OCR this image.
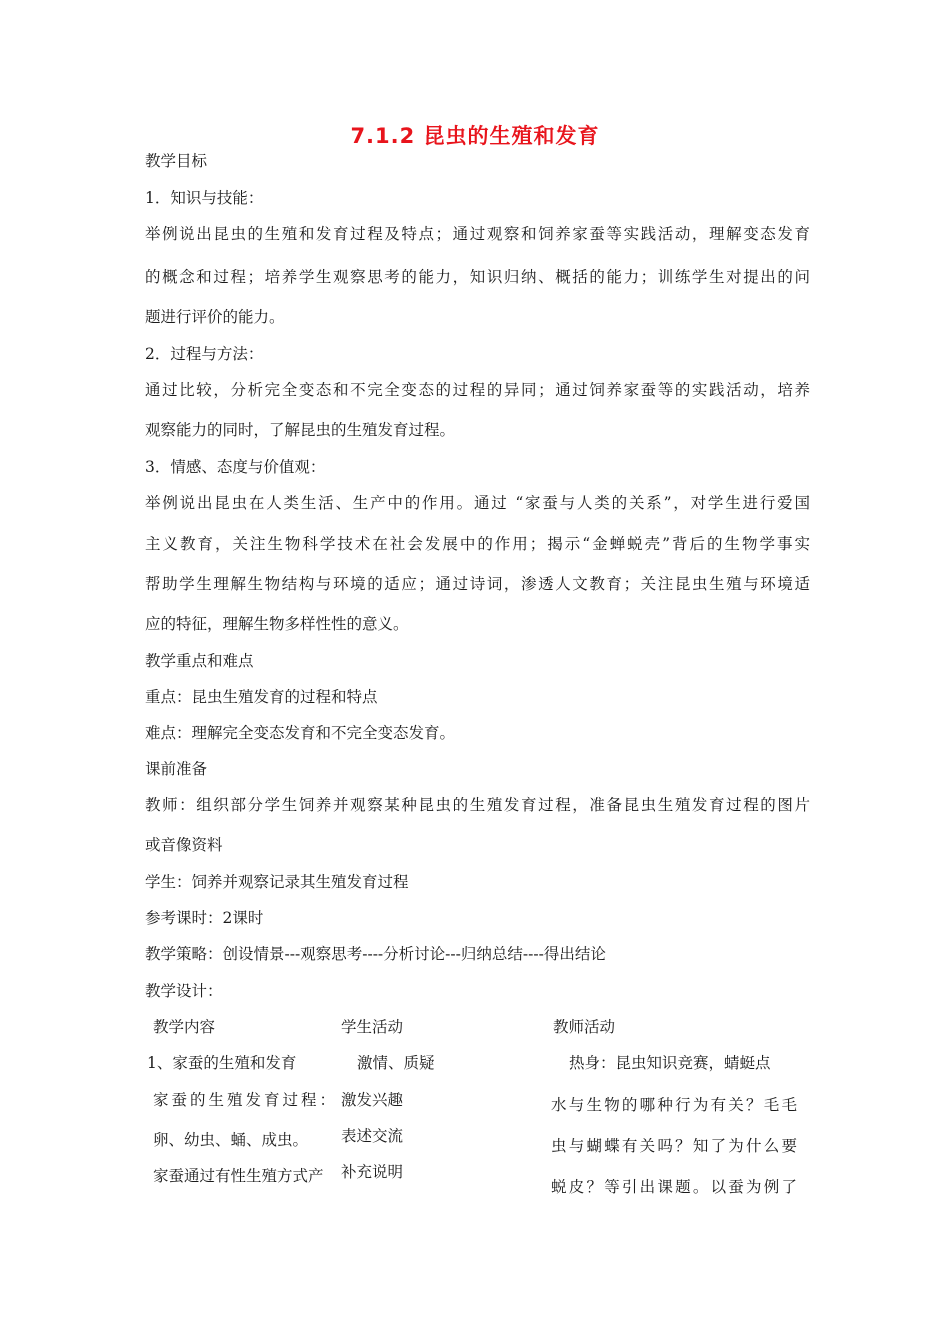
7.1.2 昆虫的生殖和发育
教学目标
1．知识与技能：
举例说出昆虫的生殖和发育过程及特点；通过观察和饲养家蚕等实践活动，理解变态发育
的概念和过程；培养学生观察思考的能力，知识归纳、概括的能力；训练学生对提出的问
题进行评价的能力。
2．过程与方法：
通过比较，分析完全变态和不完全变态的过程的异同；通过饲养家蚕等的实践活动，培养
观察能力的同时，了解昆虫的生殖发育过程。
3．情感、态度与价值观：
举例说出昆虫在人类生活、生产中的作用。通过 “家蚕与人类的关系”，对学生进行爱国
主义教育，关注生物科学技术在社会发展中的作用；揭示“金蝉蜕壳”背后的生物学事实
帮助学生理解生物结构与环境的适应；通过诗词，渗透人文教育；关注昆虫生殖与环境适
应的特征，理解生物多样性性的意义。
教学重点和难点
重点：昆虫生殖发育的过程和特点
难点：理解完全变态发育和不完全变态发育。
课前准备
教师：组织部分学生饲养并观察某种昆虫的生殖发育过程，准备昆虫生殖发育过程的图片
或音像资料
学生：饲养并观察记录其生殖发育过程
参考课时：2课时
教学策略：创设情景---观察思考----分析讨论---归纳总结----得出结论
教学设计：
教学内容	学生活动	教师活动
1、家蚕的生殖和发育
家蚕的生殖发育过程：
卵、幼虫、蛹、成虫。
家蚕通过有性生殖方式产
激情、质疑
激发兴趣
表述交流
补充说明
热身：昆虫知识竞赛，蜻蜓点
水与生物的哪种行为有关？毛毛
虫与蝴蝶有关吗？知了为什么要
蜕皮？等引出课题。以蚕为例了
